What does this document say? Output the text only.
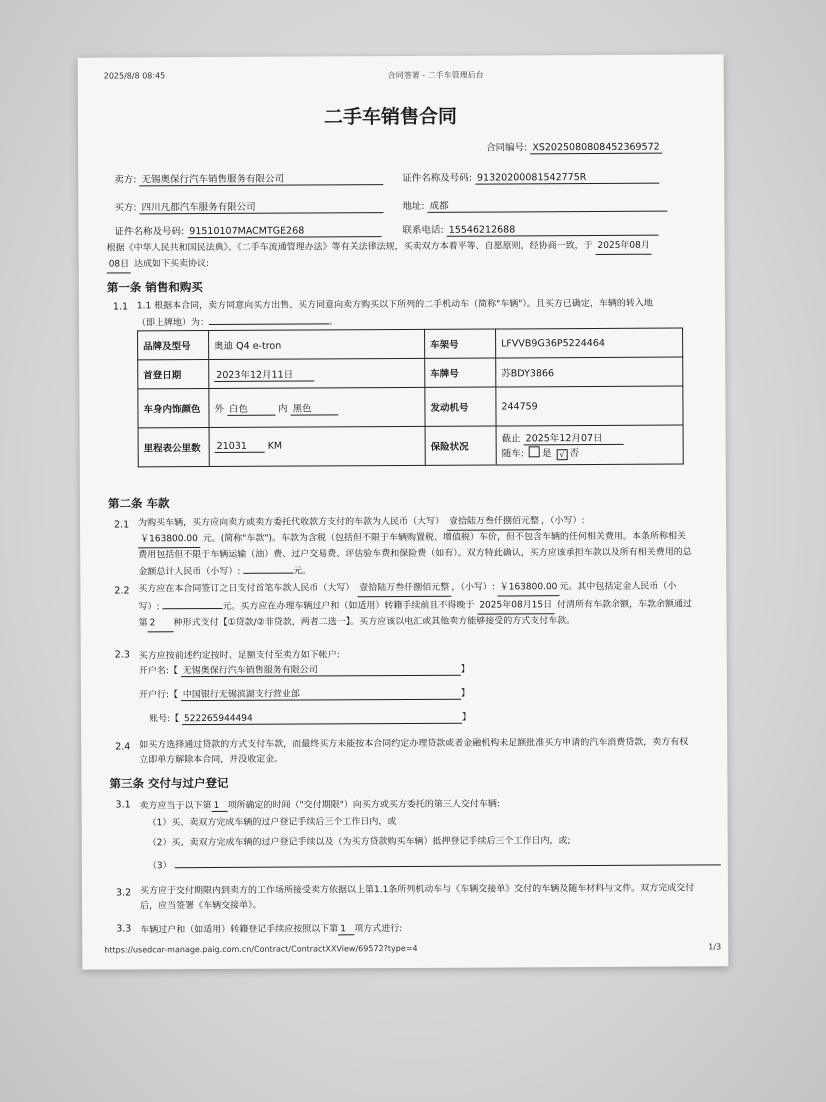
2025/8/8 08:45	合同签署 - 二手车管理后台
二手车销售合同
合同编号: XS2025080808452369572
卖方: 无锡奥保行汽车销售服务有限公司	证件名称及号码: 91320200081542775R
买方: 四川凡都汽车服务有限公司	地址: 成都
证件名称及号码: 91510107MACMTGE268	联系电话: 15546212688
根据《中华人民共和国民法典》、《二手车流通管理办法》等有关法律法规，买卖双方本着平等、自愿原则，经协商一致，于 2025年08月
08日 达成如下买卖协议:
第一条 销售和购买
1.1 1.1 根据本合同，卖方同意向买方出售、买方同意向卖方购买以下所列的二手机动车（简称"车辆"）。且买方已确定，车辆的转入地
（即上牌地）为：	。
品牌及型号	奥迪 Q4 e-tron	车架号	LFVVB9G36P5224464
首登日期	2023年12月11日	车牌号	苏BDY3866
车身内饰颜色	外 白色 内 黑色	发动机号	244759
里程表公里数	21031 KM	保险状况	截止 2025年12月07日
随车: 是 √ 否
第二条 车款
2.1 为购买车辆，买方应向卖方或卖方委托代收款方支付的车款为人民币（大写） 壹拾陆万叁仟捌佰元整 ，（小写）:
￥163800.00 元。(简称"车款")。车款为含税（包括但不限于车辆购置税、增值税）车价，但不包含车辆的任何相关费用。本条所称相关费用包括但不限于车辆运输（油）费、过户交易费、评估验车费和保险费（如有）。双方特此确认，买方应该承担车款以及所有相关费用的总金额总计人民币（小写）:	元。
2.2 买方应在本合同签订之日支付首笔车款人民币（大写） 壹拾陆万叁仟捌佰元整 ，（小写）: ￥163800.00 元。其中包括定金人民币（小写）:	元。买方应在办理车辆过户和（如适用）转籍手续前且不得晚于 2025年08月15日 付清所有车款余额，车款余额通过第 2 种形式支付【①贷款/②非贷款，两者二选一】。买方应该以电汇或其他卖方能够接受的方式支付车款。
2.3 买方应按前述约定按时、足额支付至卖方如下帐户:
开户名:【 无锡奥保行汽车销售服务有限公司	】
开户行:【 中国银行无锡滨湖支行营业部	】
账号:【 522265944494	】
2.4 如买方选择通过贷款的方式支付车款，而最终买方未能按本合同约定办理贷款或者金融机构未足额批准买方申请的汽车消费贷款，卖方有权立即单方解除本合同，并没收定金。
第三条 交付与过户登记
3.1 卖方应当于以下第 1 项所确定的时间（"交付期限"）向买方或买方委托的第三人交付车辆:
（1）买、卖双方完成车辆的过户登记手续后三个工作日内，或
（2）买、卖双方完成车辆的过户登记手续以及（为买方贷款购买车辆）抵押登记手续后三个工作日内，或;
（3）
3.2 买方应于交付期限内到卖方的工作场所接受卖方依据以上第1.1条所列机动车与《车辆交接单》交付的车辆及随车材料与文件。双方完成交付后，应当签署《车辆交接单》。
3.3 车辆过户和（如适用）转籍登记手续应按照以下第 1 项方式进行:
https://usedcar-manage.paig.com.cn/Contract/ContractXXView/69572?type=4	1/3
